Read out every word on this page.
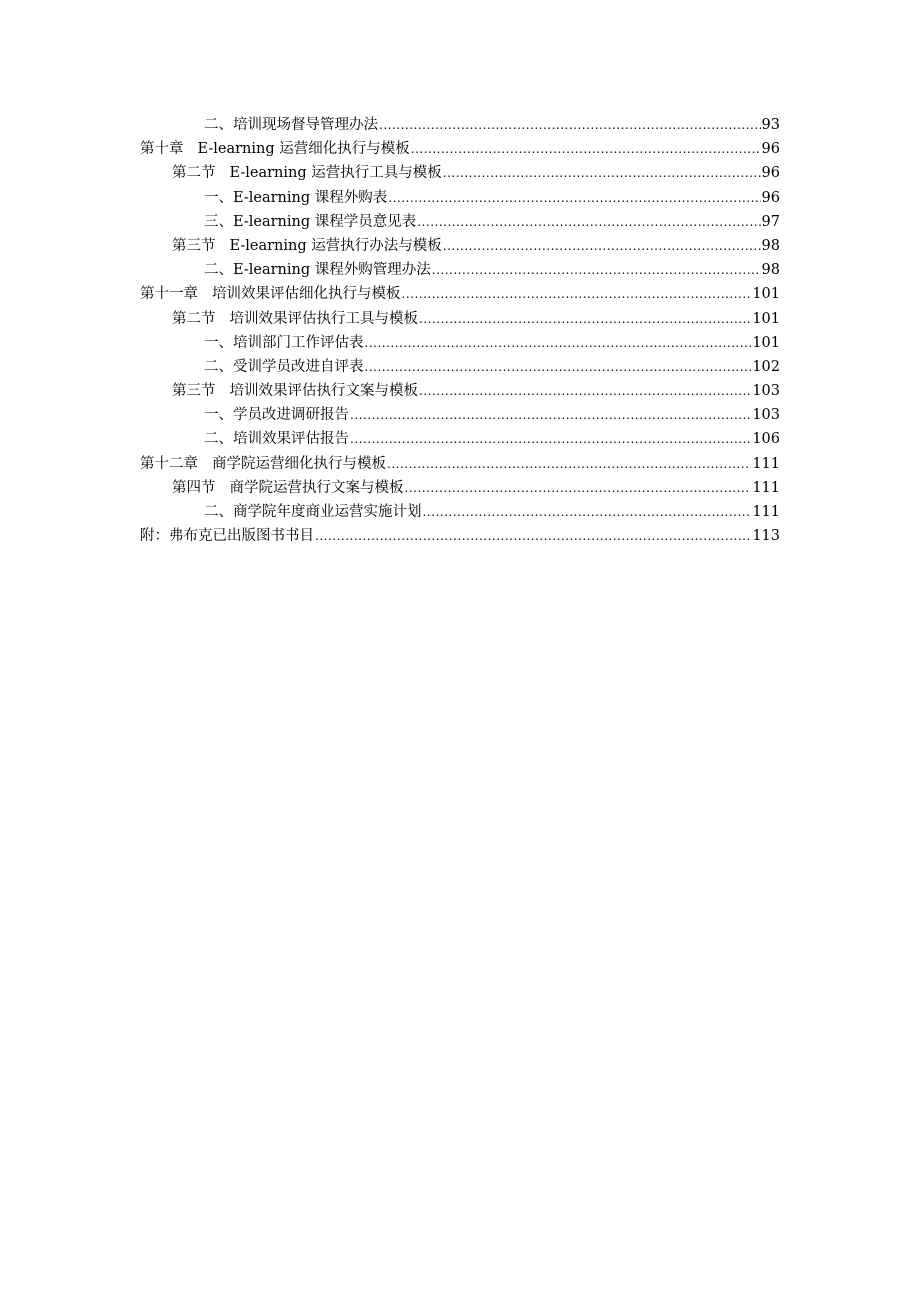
二、培训现场督导管理办法 .....	93
第十章 E-learning 运营细化执行与模板 .....	96
第二节 E-learning 运营执行工具与模板 .....	96
一、E-learning 课程外购表 .....	96
三、E-learning 课程学员意见表 .....	97
第三节 E-learning 运营执行办法与模板 .....	98
二、E-learning 课程外购管理办法 .....	98
第十一章 培训效果评估细化执行与模板 .....	101
第二节 培训效果评估执行工具与模板 .....	101
一、培训部门工作评估表 .....	101
二、受训学员改进自评表 .....	102
第三节 培训效果评估执行文案与模板 .....	103
一、学员改进调研报告 .....	103
二、培训效果评估报告 .....	106
第十二章 商学院运营细化执行与模板 .....	111
第四节 商学院运营执行文案与模板 .....	111
二、商学院年度商业运营实施计划 .....	111
附：弗布克已出版图书书目 .....	113
